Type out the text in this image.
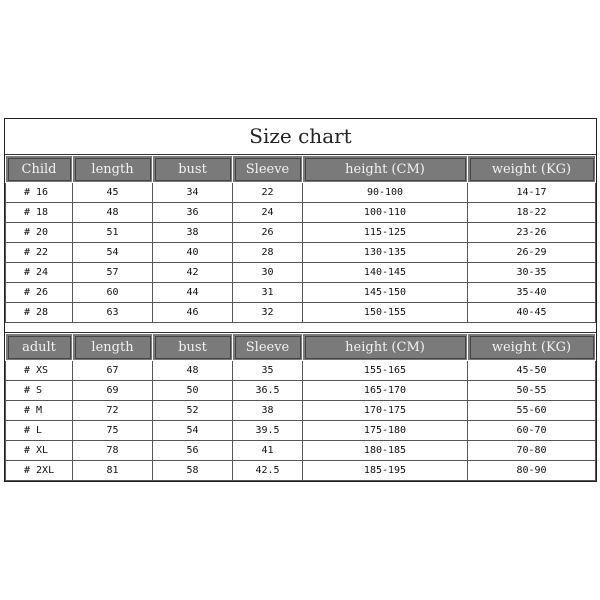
Size chart
Child	length	bust	Sleeve	height (CM)	weight (KG)
# 16	45	34	22	90-100	14-17
# 18	48	36	24	100-110	18-22
# 20	51	38	26	115-125	23-26
# 22	54	40	28	130-135	26-29
# 24	57	42	30	140-145	30-35
# 26	60	44	31	145-150	35-40
# 28	63	46	32	150-155	40-45
adult	length	bust	Sleeve	height (CM)	weight (KG)
# XS	67	48	35	155-165	45-50
# S	69	50	36.5	165-170	50-55
# M	72	52	38	170-175	55-60
# L	75	54	39.5	175-180	60-70
# XL	78	56	41	180-185	70-80
# 2XL	81	58	42.5	185-195	80-90
